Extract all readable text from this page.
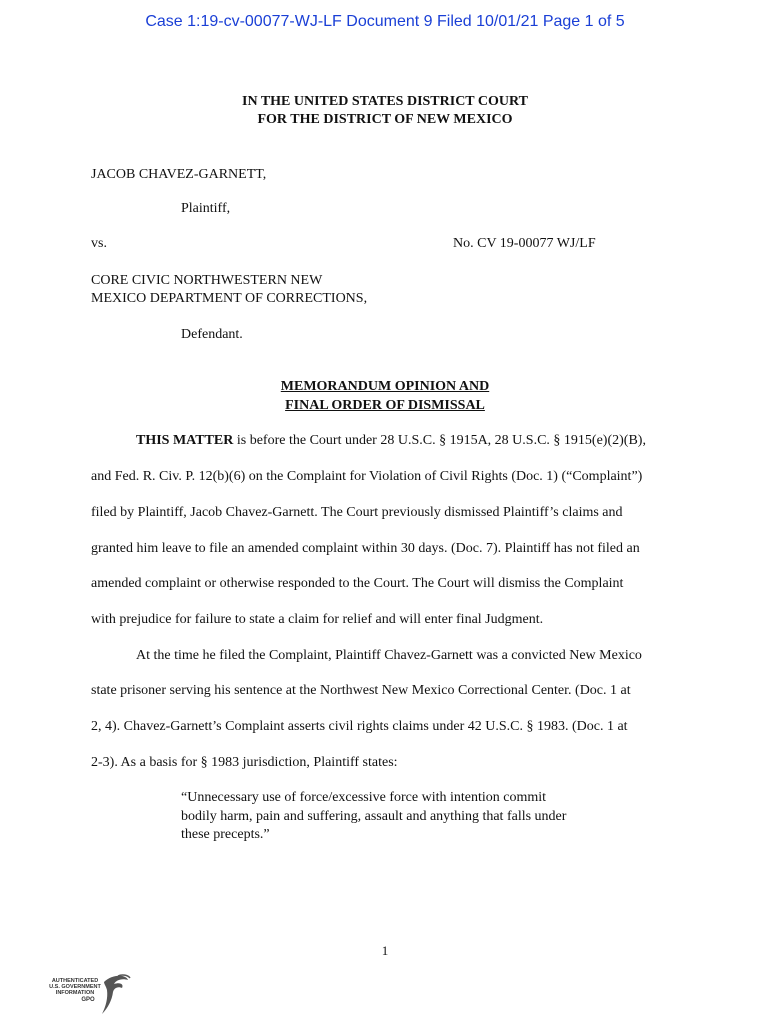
Case 1:19-cv-00077-WJ-LF Document 9 Filed 10/01/21 Page 1 of 5
IN THE UNITED STATES DISTRICT COURT
FOR THE DISTRICT OF NEW MEXICO
JACOB CHAVEZ-GARNETT,
Plaintiff,
vs.	No. CV 19-00077 WJ/LF
CORE CIVIC NORTHWESTERN NEW
MEXICO DEPARTMENT OF CORRECTIONS,
Defendant.
MEMORANDUM OPINION AND
FINAL ORDER OF DISMISSAL
THIS MATTER is before the Court under 28 U.S.C. § 1915A, 28 U.S.C. § 1915(e)(2)(B),
and Fed. R. Civ. P. 12(b)(6) on the Complaint for Violation of Civil Rights (Doc. 1) (“Complaint”)
filed by Plaintiff, Jacob Chavez-Garnett. The Court previously dismissed Plaintiff’s claims and
granted him leave to file an amended complaint within 30 days. (Doc. 7). Plaintiff has not filed an
amended complaint or otherwise responded to the Court. The Court will dismiss the Complaint
with prejudice for failure to state a claim for relief and will enter final Judgment.
At the time he filed the Complaint, Plaintiff Chavez-Garnett was a convicted New Mexico
state prisoner serving his sentence at the Northwest New Mexico Correctional Center. (Doc. 1 at
2, 4). Chavez-Garnett’s Complaint asserts civil rights claims under 42 U.S.C. § 1983. (Doc. 1 at
2-3). As a basis for § 1983 jurisdiction, Plaintiff states:
“Unnecessary use of force/excessive force with intention commit
bodily harm, pain and suffering, assault and anything that falls under
these precepts.”
1
AUTHENTICATED
U.S. GOVERNMENT
INFORMATION
GPO
